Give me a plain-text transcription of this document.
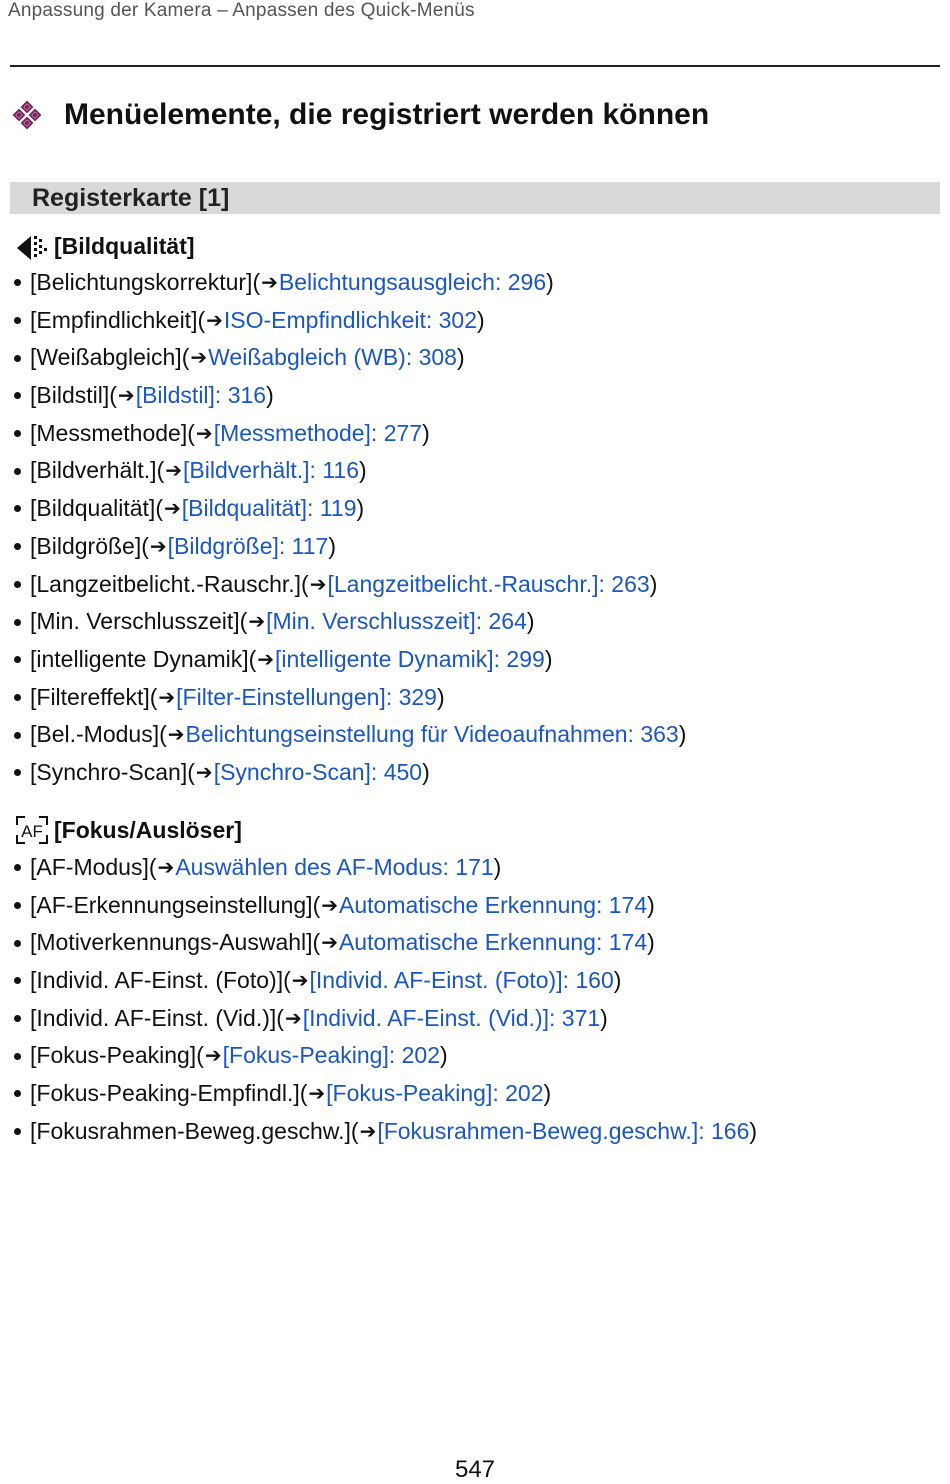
Anpassung der Kamera – Anpassen des Quick-Menüs
Menüelemente, die registriert werden können
Registerkarte [1]
[Bildqualität]
[Belichtungskorrektur] ( ➔ Belichtungsausgleich: 296 )
[Empfindlichkeit] ( ➔ ISO-Empfindlichkeit: 302 )
[Weißabgleich] ( ➔ Weißabgleich (WB): 308 )
[Bildstil] ( ➔ [Bildstil]: 316 )
[Messmethode] ( ➔ [Messmethode]: 277 )
[Bildverhält.] ( ➔ [Bildverhält.]: 116 )
[Bildqualität] ( ➔ [Bildqualität]: 119 )
[Bildgröße] ( ➔ [Bildgröße]: 117 )
[Langzeitbelicht.-Rauschr.] ( ➔ [Langzeitbelicht.-Rauschr.]: 263 )
[Min. Verschlusszeit] ( ➔ [Min. Verschlusszeit]: 264 )
[intelligente Dynamik] ( ➔ [intelligente Dynamik]: 299 )
[Filtereffekt] ( ➔ [Filter-Einstellungen]: 329 )
[Bel.-Modus] ( ➔ Belichtungseinstellung für Videoaufnahmen: 363 )
[Synchro-Scan] ( ➔ [Synchro-Scan]: 450 )
AF [Fokus/Auslöser]
[AF-Modus] ( ➔ Auswählen des AF-Modus: 171 )
[AF-Erkennungseinstellung] ( ➔ Automatische Erkennung: 174 )
[Motiverkennungs-Auswahl] ( ➔ Automatische Erkennung: 174 )
[Individ. AF-Einst. (Foto)] ( ➔ [Individ. AF-Einst. (Foto)]: 160 )
[Individ. AF-Einst. (Vid.)] ( ➔ [Individ. AF-Einst. (Vid.)]: 371 )
[Fokus-Peaking] ( ➔ [Fokus-Peaking]: 202 )
[Fokus-Peaking-Empfindl.] ( ➔ [Fokus-Peaking]: 202 )
[Fokusrahmen-Beweg.geschw.] ( ➔ [Fokusrahmen-Beweg.geschw.]: 166 )
547
